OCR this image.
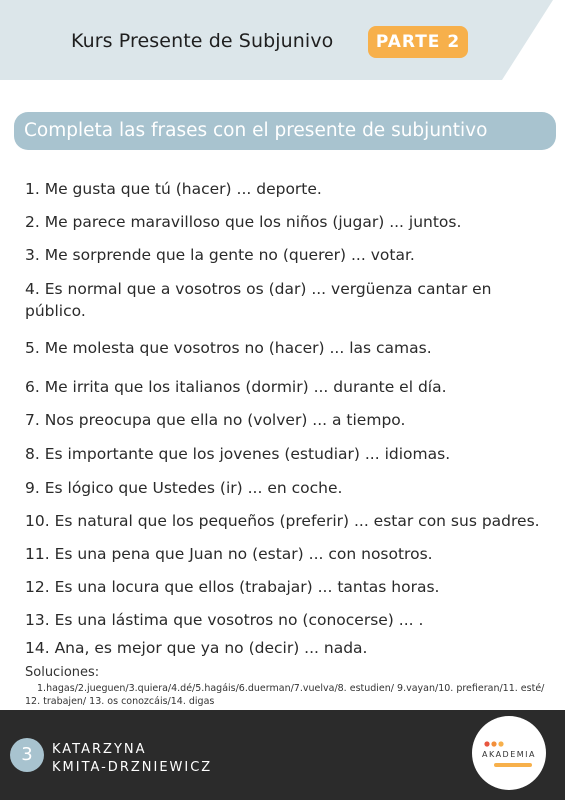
Kurs Presente de Subjunivo	PARTE 2
Completa las frases con el presente de subjuntivo
1. Me gusta que tú (hacer) ... deporte.
2. Me parece maravilloso que los niños (jugar) ... juntos.
3. Me sorprende que la gente no (querer) ... votar.
4. Es normal que a vosotros os (dar) ... vergüenza cantar en público.
5. Me molesta que vosotros no (hacer) ... las camas.
6. Me irrita que los italianos (dormir) ... durante el día.
7. Nos preocupa que ella no (volver) ... a tiempo.
8. Es importante que los jovenes (estudiar) ... idiomas.
9. Es lógico que Ustedes (ir) ... en coche.
10. Es natural que los pequeños (preferir) ... estar con sus padres.
11. Es una pena que Juan no (estar) ... con nosotros.
12. Es una locura que ellos (trabajar) ... tantas horas.
13. Es una lástima que vosotros no (conocerse) ... .
14. Ana, es mejor que ya no (decir) ... nada.
Soluciones:
1.hagas/2.jueguen/3.quiera/4.dé/5.hagáis/6.duerman/7.vuelva/8. estudien/ 9.vayan/10. prefieran/11. esté/ 12. trabajen/ 13. os conozcáis/14. digas
3	KATARZYNA
KMITA-DRZNIEWICZ
AKADEMIA
